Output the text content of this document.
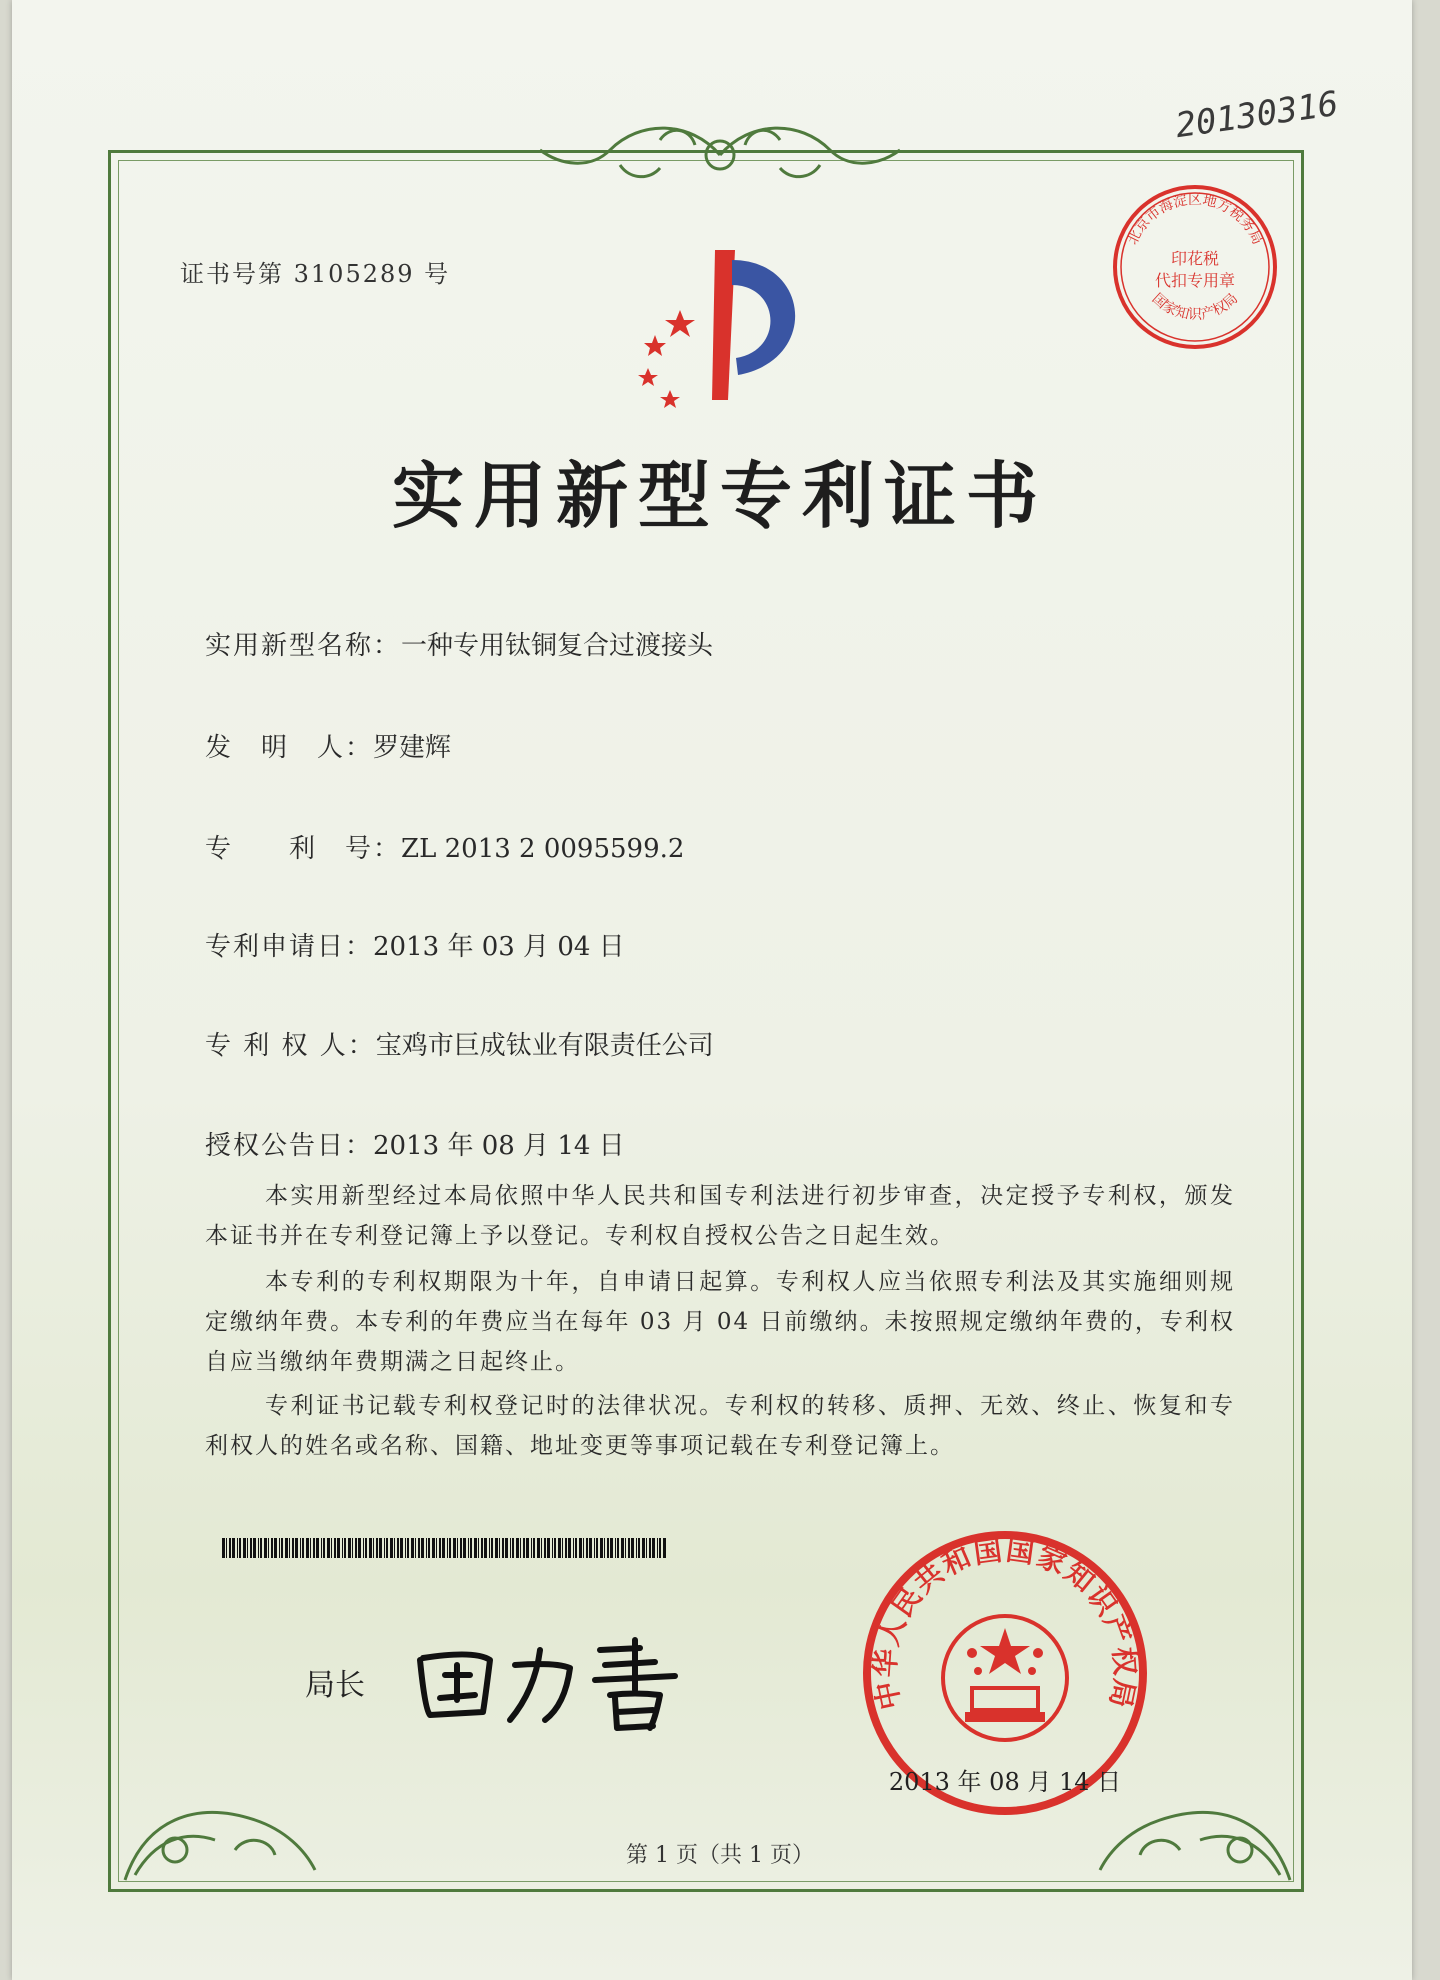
20130316
证书号第 3105289 号
实用新型专利证书
实用新型名称：一种专用钛铜复合过渡接头
发　明　人：罗建辉
专　　利　号：ZL 2013 2 0095599.2
专利申请日：2013 年 03 月 04 日
专 利 权 人：宝鸡市巨成钛业有限责任公司
授权公告日：2013 年 08 月 14 日

本实用新型经过本局依照中华人民共和国专利法进行初步审查，决定授予专利权，颁发本证书并在专利登记簿上予以登记。专利权自授权公告之日起生效。

本专利的专利权期限为十年，自申请日起算。专利权人应当依照专利法及其实施细则规定缴纳年费。本专利的年费应当在每年 03 月 04 日前缴纳。未按照规定缴纳年费的，专利权自应当缴纳年费期满之日起终止。

专利证书记载专利权登记时的法律状况。专利权的转移、质押、无效、终止、恢复和专利权人的姓名或名称、国籍、地址变更等事项记载在专利登记簿上。

局长	中华人民共和国国家知识产权局
2013 年 08 月 14 日
北京市海淀区地方税务局
印花税
代扣专用章
国家知识产权局
第 1 页（共 1 页）
